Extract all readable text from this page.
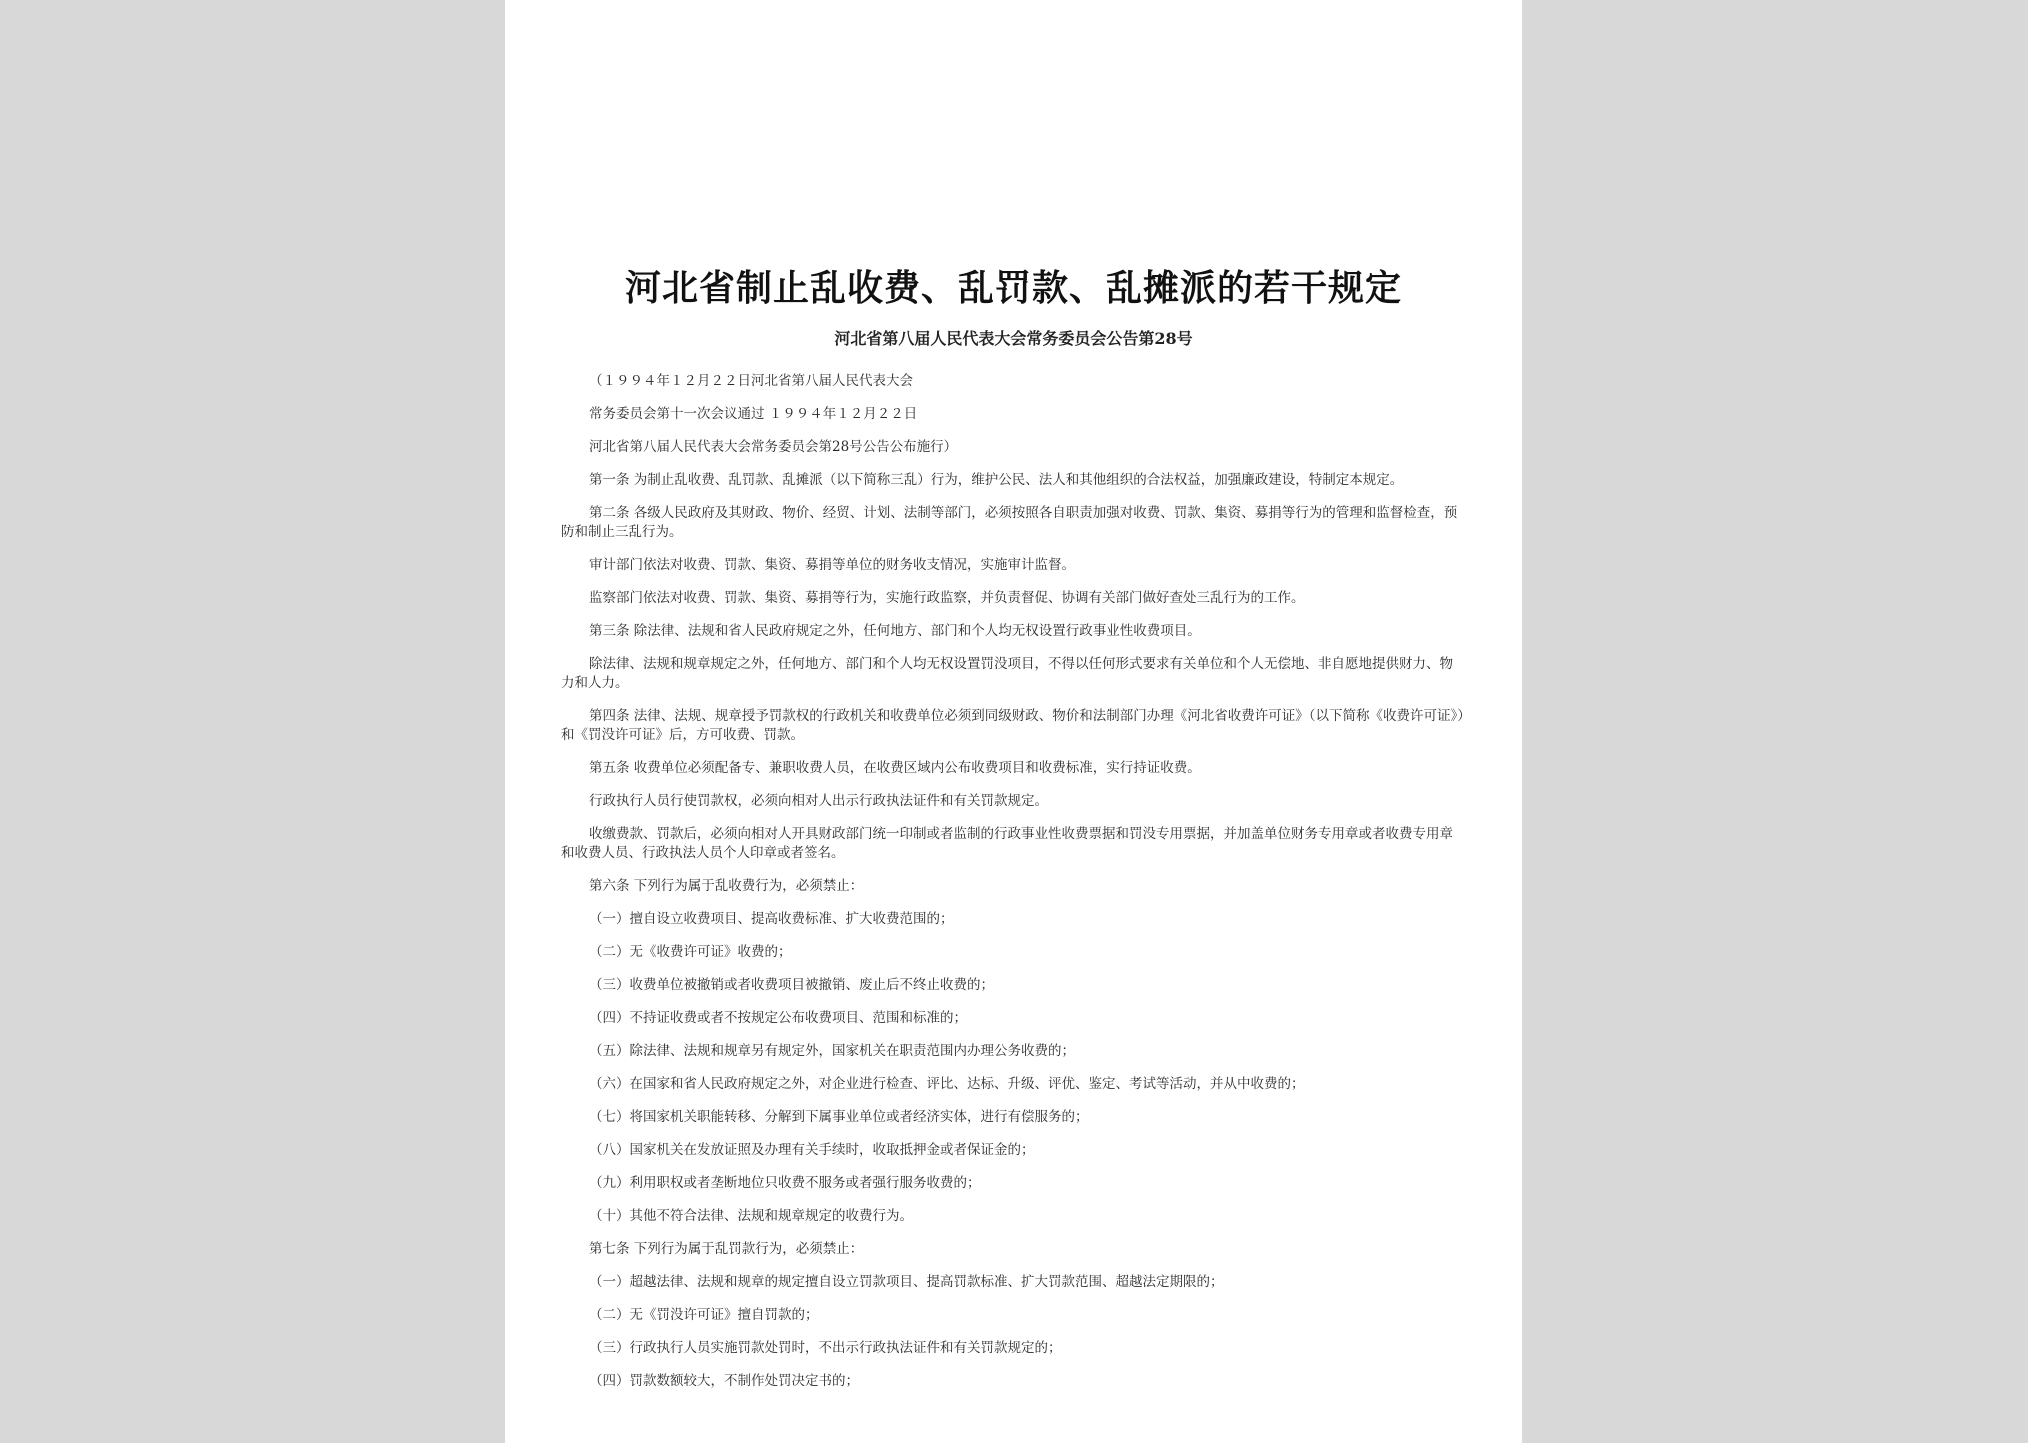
河北省制止乱收费、乱罚款、乱摊派的若干规定
河北省第八届人民代表大会常务委员会公告第28号

（１９９４年１２月２２日河北省第八届人民代表大会

常务委员会第十一次会议通过 １９９４年１２月２２日

河北省第八届人民代表大会常务委员会第28号公告公布施行）

第一条 为制止乱收费、乱罚款、乱摊派（以下简称三乱）行为，维护公民、法人和其他组织的合法权益，加强廉政建设，特制定本规定。

第二条 各级人民政府及其财政、物价、经贸、计划、法制等部门，必须按照各自职责加强对收费、罚款、集资、募捐等行为的管理和监督检查，预防和制止三乱行为。

审计部门依法对收费、罚款、集资、募捐等单位的财务收支情况，实施审计监督。

监察部门依法对收费、罚款、集资、募捐等行为，实施行政监察，并负责督促、协调有关部门做好查处三乱行为的工作。

第三条 除法律、法规和省人民政府规定之外，任何地方、部门和个人均无权设置行政事业性收费项目。

除法律、法规和规章规定之外，任何地方、部门和个人均无权设置罚没项目，不得以任何形式要求有关单位和个人无偿地、非自愿地提供财力、物力和人力。

第四条 法律、法规、规章授予罚款权的行政机关和收费单位必须到同级财政、物价和法制部门办理《河北省收费许可证》（以下简称《收费许可证》）和《罚没许可证》后，方可收费、罚款。

第五条 收费单位必须配备专、兼职收费人员，在收费区域内公布收费项目和收费标准，实行持证收费。

行政执行人员行使罚款权，必须向相对人出示行政执法证件和有关罚款规定。

收缴费款、罚款后，必须向相对人开具财政部门统一印制或者监制的行政事业性收费票据和罚没专用票据，并加盖单位财务专用章或者收费专用章和收费人员、行政执法人员个人印章或者签名。

第六条 下列行为属于乱收费行为，必须禁止：

（一）擅自设立收费项目、提高收费标准、扩大收费范围的；

（二）无《收费许可证》收费的；

（三）收费单位被撤销或者收费项目被撤销、废止后不终止收费的；

（四）不持证收费或者不按规定公布收费项目、范围和标准的；

（五）除法律、法规和规章另有规定外，国家机关在职责范围内办理公务收费的；

（六）在国家和省人民政府规定之外，对企业进行检查、评比、达标、升级、评优、鉴定、考试等活动，并从中收费的；

（七）将国家机关职能转移、分解到下属事业单位或者经济实体，进行有偿服务的；

（八）国家机关在发放证照及办理有关手续时，收取抵押金或者保证金的；

（九）利用职权或者垄断地位只收费不服务或者强行服务收费的；

（十）其他不符合法律、法规和规章规定的收费行为。

第七条 下列行为属于乱罚款行为，必须禁止：

（一）超越法律、法规和规章的规定擅自设立罚款项目、提高罚款标准、扩大罚款范围、超越法定期限的；

（二）无《罚没许可证》擅自罚款的；

（三）行政执行人员实施罚款处罚时，不出示行政执法证件和有关罚款规定的；

（四）罚款数额较大，不制作处罚决定书的；
